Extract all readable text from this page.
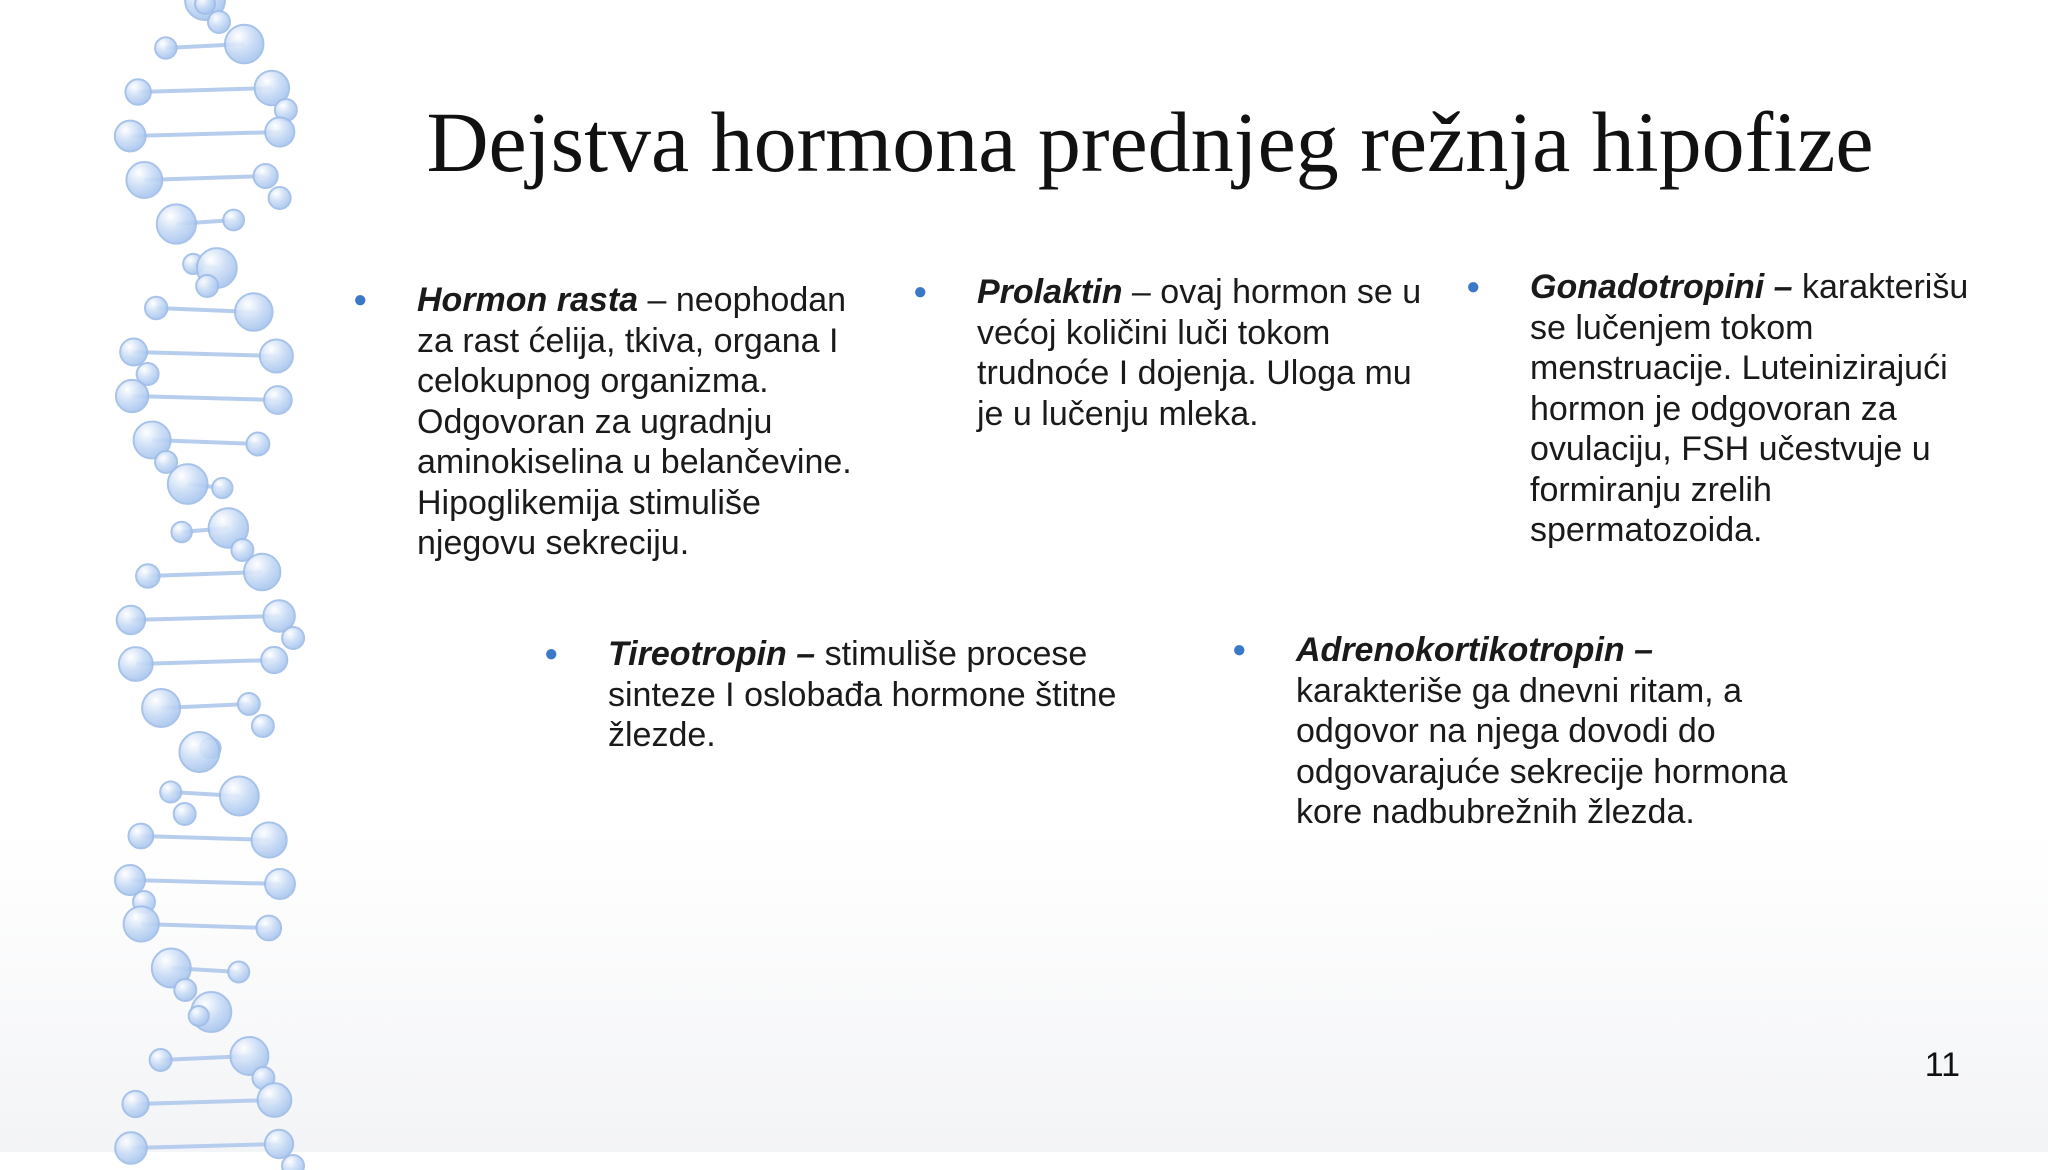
Dejstva hormona prednjeg režnja hipofize
● Hormon rasta – neophodan za rast ćelija, tkiva, organa I celokupnog organizma. Odgovoran za ugradnju aminokiselina u belančevine. Hipoglikemija stimuliše njegovu sekreciju.
● Prolaktin – ovaj hormon se u većoj količini luči tokom trudnoće I dojenja. Uloga mu je u lučenju mleka.
● Gonadotropini – karakterišu se lučenjem tokom menstruacije. Luteinizirajući hormon je odgovoran za ovulaciju, FSH učestvuje u formiranju zrelih spermatozoida.
● Tireotropin – stimuliše procese sinteze I oslobađa hormone štitne žlezde.
● Adrenokortikotropin – karakteriše ga dnevni ritam, a odgovor na njega dovodi do odgovarajuće sekrecije hormona kore nadbubrežnih žlezda.
11
